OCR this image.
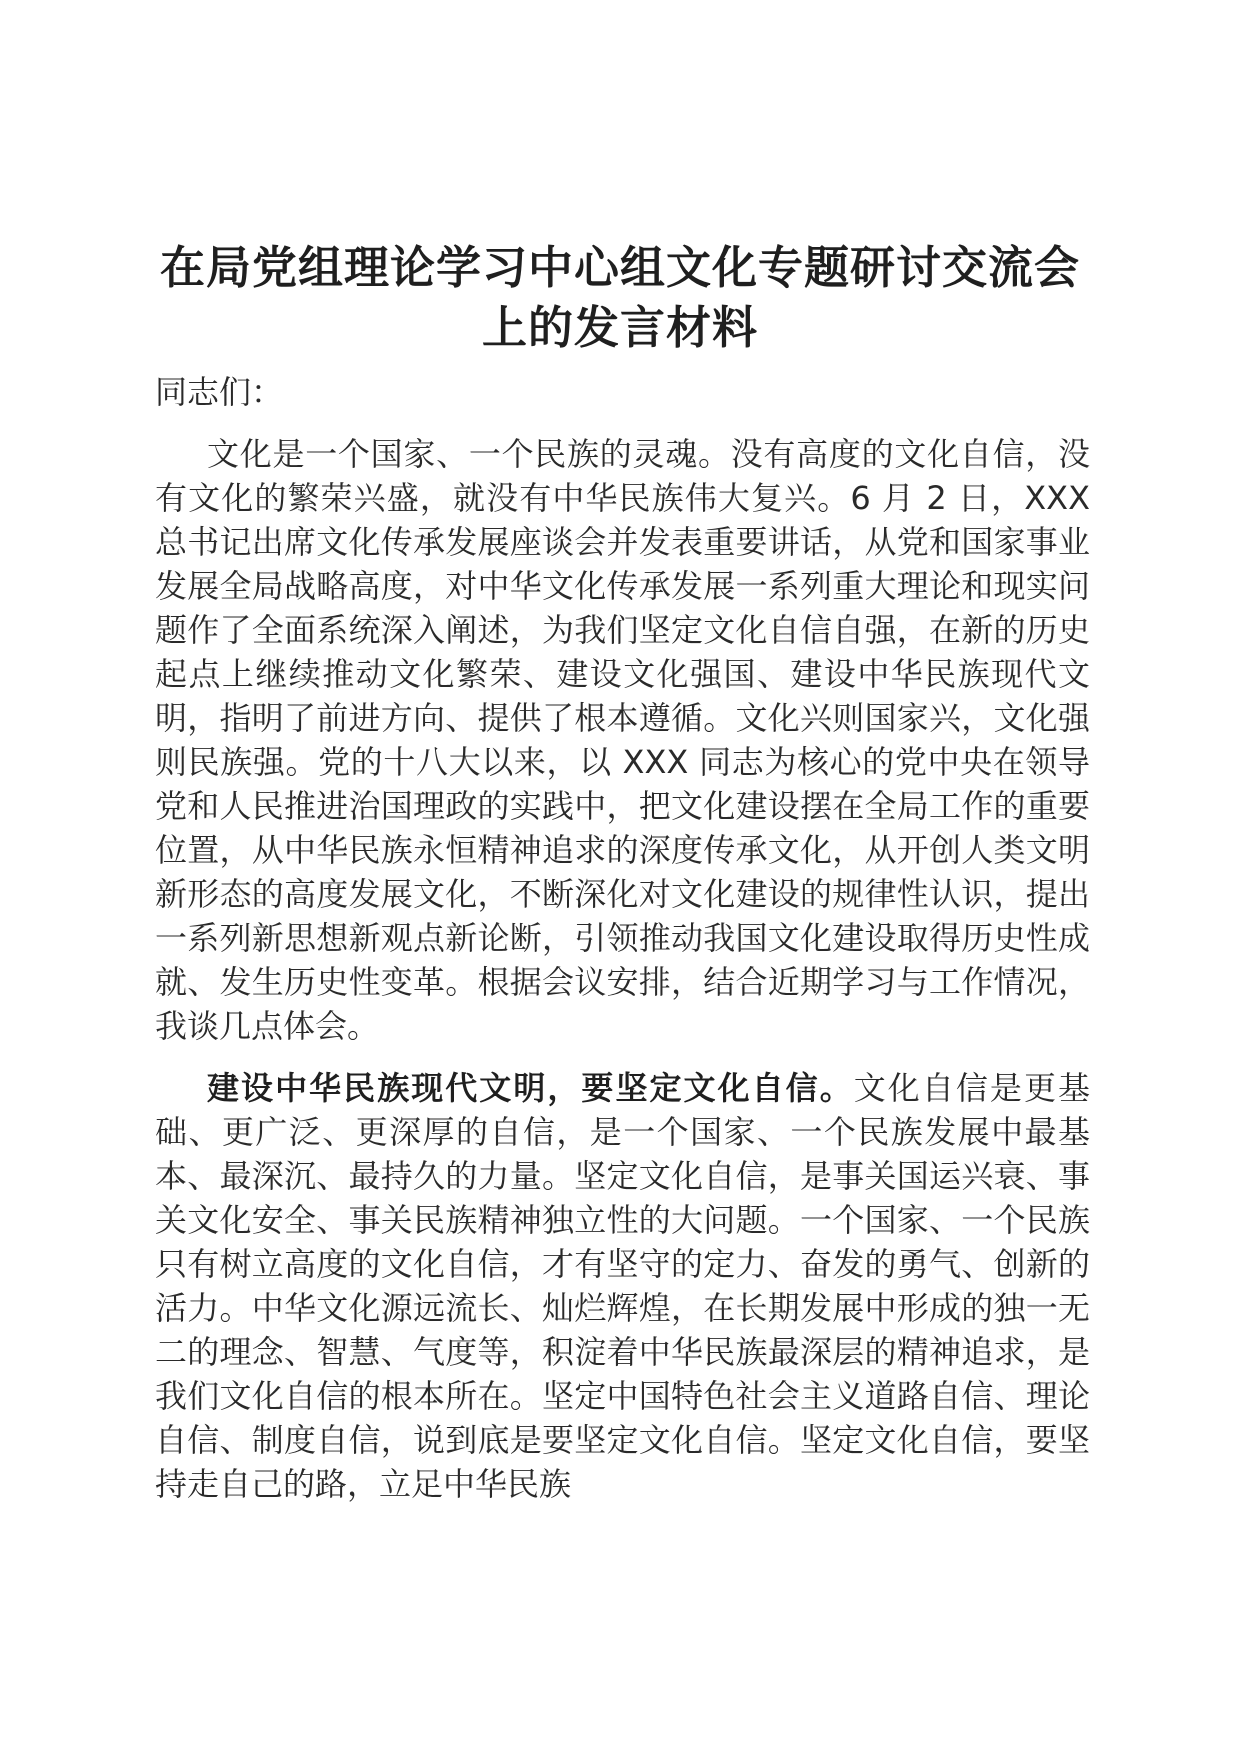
在局党组理论学习中心组文化专题研讨交流会
上的发言材料

同志们：

文化是一个国家、一个民族的灵魂。没有高度的文化自信，没有文化的繁荣兴盛，就没有中华民族伟大复兴。6 月 2 日，XXX 总书记出席文化传承发展座谈会并发表重要讲话，从党和国家事业发展全局战略高度，对中华文化传承发展一系列重大理论和现实问题作了全面系统深入阐述，为我们坚定文化自信自强，在新的历史起点上继续推动文化繁荣、建设文化强国、建设中华民族现代文明，指明了前进方向、提供了根本遵循。文化兴则国家兴，文化强则民族强。党的十八大以来，以 XXX 同志为核心的党中央在领导党和人民推进治国理政的实践中，把文化建设摆在全局工作的重要位置，从中华民族永恒精神追求的深度传承文化，从开创人类文明新形态的高度发展文化，不断深化对文化建设的规律性认识，提出一系列新思想新观点新论断，引领推动我国文化建设取得历史性成就、发生历史性变革。根据会议安排，结合近期学习与工作情况，我谈几点体会。

建设中华民族现代文明，要坚定文化自信。文化自信是更基础、更广泛、更深厚的自信，是一个国家、一个民族发展中最基本、最深沉、最持久的力量。坚定文化自信，是事关国运兴衰、事关文化安全、事关民族精神独立性的大问题。一个国家、一个民族只有树立高度的文化自信，才有坚守的定力、奋发的勇气、创新的活力。中华文化源远流长、灿烂辉煌，在长期发展中形成的独一无二的理念、智慧、气度等，积淀着中华民族最深层的精神追求，是我们文化自信的根本所在。坚定中国特色社会主义道路自信、理论自信、制度自信，说到底是要坚定文化自信。坚定文化自信，要坚持走自己的路，立足中华民族
